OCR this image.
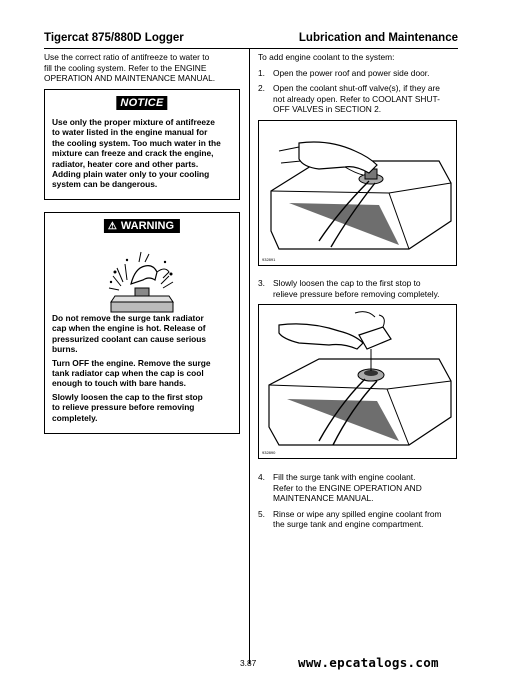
Tigercat 875/880D Logger	Lubrication and Maintenance

Use the correct ratio of antifreeze to water to

fill the cooling system. Refer to the ENGINE

OPERATION AND MAINTENANCE MANUAL.

NOTICE
Use only the proper mixture of antifreeze
to water listed in the engine manual for
the cooling system. Too much water in the
mixture can freeze and crack the engine,
radiator, heater core and other parts.
Adding plain water only to your cooling
system can be dangerous.
⚠ WARNING

Do not remove the surge tank radiator
cap when the engine is hot. Release of
pressurized coolant can cause serious
burns.

Turn OFF the engine. Remove the surge
tank radiator cap when the cap is cool
enough to touch with bare hands.

Slowly loosen the cap to the first stop
to relieve pressure before removing
completely.

To add engine coolant to the system:

1. Open the power roof and power side door.
2. Open the coolant shut-off valve(s), if they are
not already open. Refer to COOLANT SHUT-
OFF VALVES in SECTION 2.
932891
3. Slowly loosen the cap to the first stop to
relieve pressure before removing completely.
932890
4. Fill the surge tank with engine coolant.
Refer to the ENGINE OPERATION AND
MAINTENANCE MANUAL.
5. Rinse or wipe any spilled engine coolant from
the surge tank and engine compartment.
3.87	www.epcatalogs.com
